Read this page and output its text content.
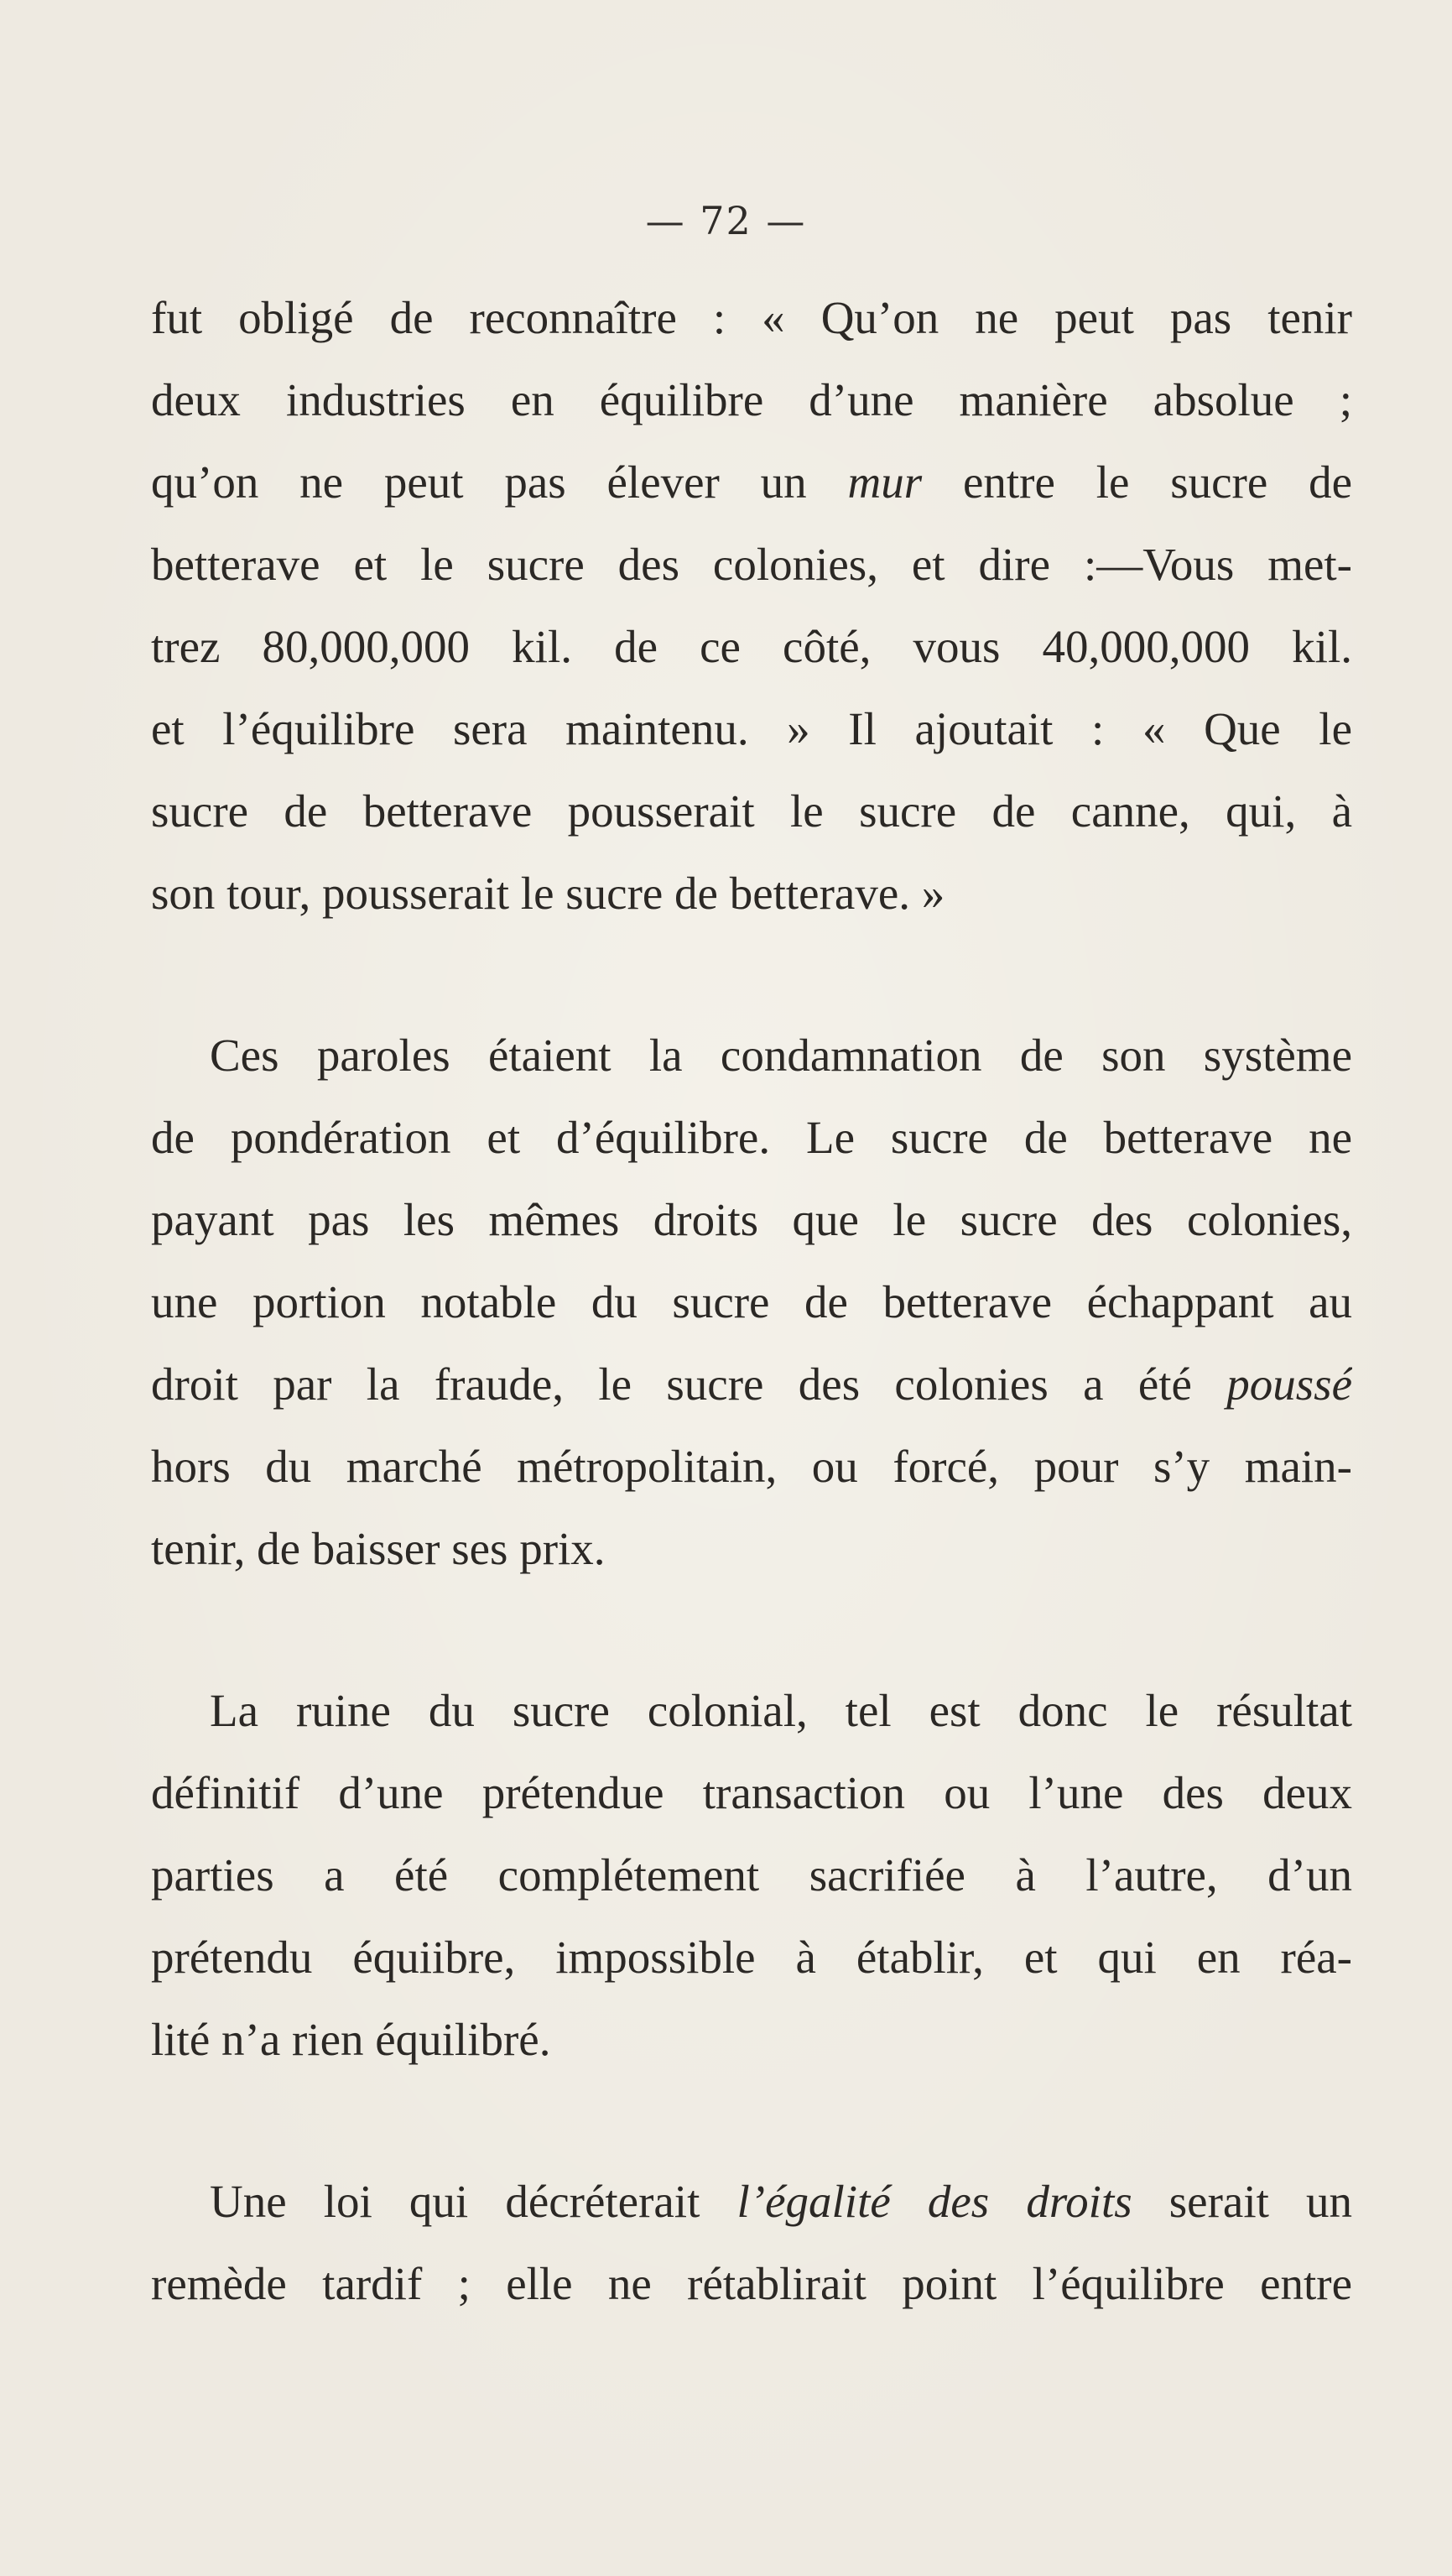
— 72 —
fut obligé de reconnaître : « Qu’on ne peut pas tenir
deux industries en équilibre d’une manière absolue ;
qu’on ne peut pas élever un mur entre le sucre de
betterave et le sucre des colonies, et dire :—Vous met-
trez 80,000,000 kil. de ce côté, vous 40,000,000 kil.
et l’équilibre sera maintenu. » Il ajoutait : « Que le
sucre de betterave pousserait le sucre de canne, qui, à
son tour, pousserait le sucre de betterave. »
Ces paroles étaient la condamnation de son système
de pondération et d’équilibre. Le sucre de betterave ne
payant pas les mêmes droits que le sucre des colonies,
une portion notable du sucre de betterave échappant au
droit par la fraude, le sucre des colonies a été poussé
hors du marché métropolitain, ou forcé, pour s’y main-
tenir, de baisser ses prix.
La ruine du sucre colonial, tel est donc le résultat
définitif d’une prétendue transaction ou l’une des deux
parties a été complétement sacrifiée à l’autre, d’un
prétendu équiibre, impossible à établir, et qui en réa-
lité n’a rien équilibré.
Une loi qui décréterait l’égalité des droits serait un
remède tardif ; elle ne rétablirait point l’équilibre entre
